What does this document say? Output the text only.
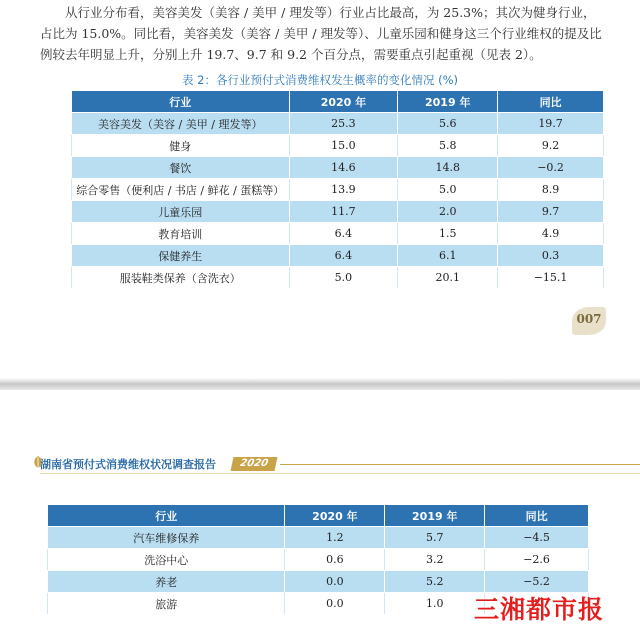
从行业分布看，美容美发（美容 / 美甲 / 理发等）行业占比最高，为 25.3%；其次为健身行业，占比为 15.0%。同比看，美容美发（美容 / 美甲 / 理发等）、儿童乐园和健身这三个行业维权的提及比例较去年明显上升，分别上升 19.7、9.7 和 9.2 个百分点，需要重点引起重视（见表 2）。

表 2：各行业预付式消费维权发生概率的变化情况 (%)
行业	2020 年	2019 年	同比
美容美发（美容 / 美甲 / 理发等）	25.3	5.6	19.7
健身	15.0	5.8	9.2
餐饮	14.6	14.8	−0.2
综合零售（便利店 / 书店 / 鲜花 / 蛋糕等）	13.9	5.0	8.9
儿童乐园	11.7	2.0	9.7
教育培训	6.4	1.5	4.9
保健养生	6.4	6.1	0.3
服装鞋类保养（含洗衣）	5.0	20.1	−15.1
007
湖南省预付式消费维权状况调查报告	2020
行业	2020 年	2019 年	同比
汽车维修保养	1.2	5.7	−4.5
洗浴中心	0.6	3.2	−2.6
养老	0.0	5.2	−5.2
旅游	0.0	1.0	三湘都市报
